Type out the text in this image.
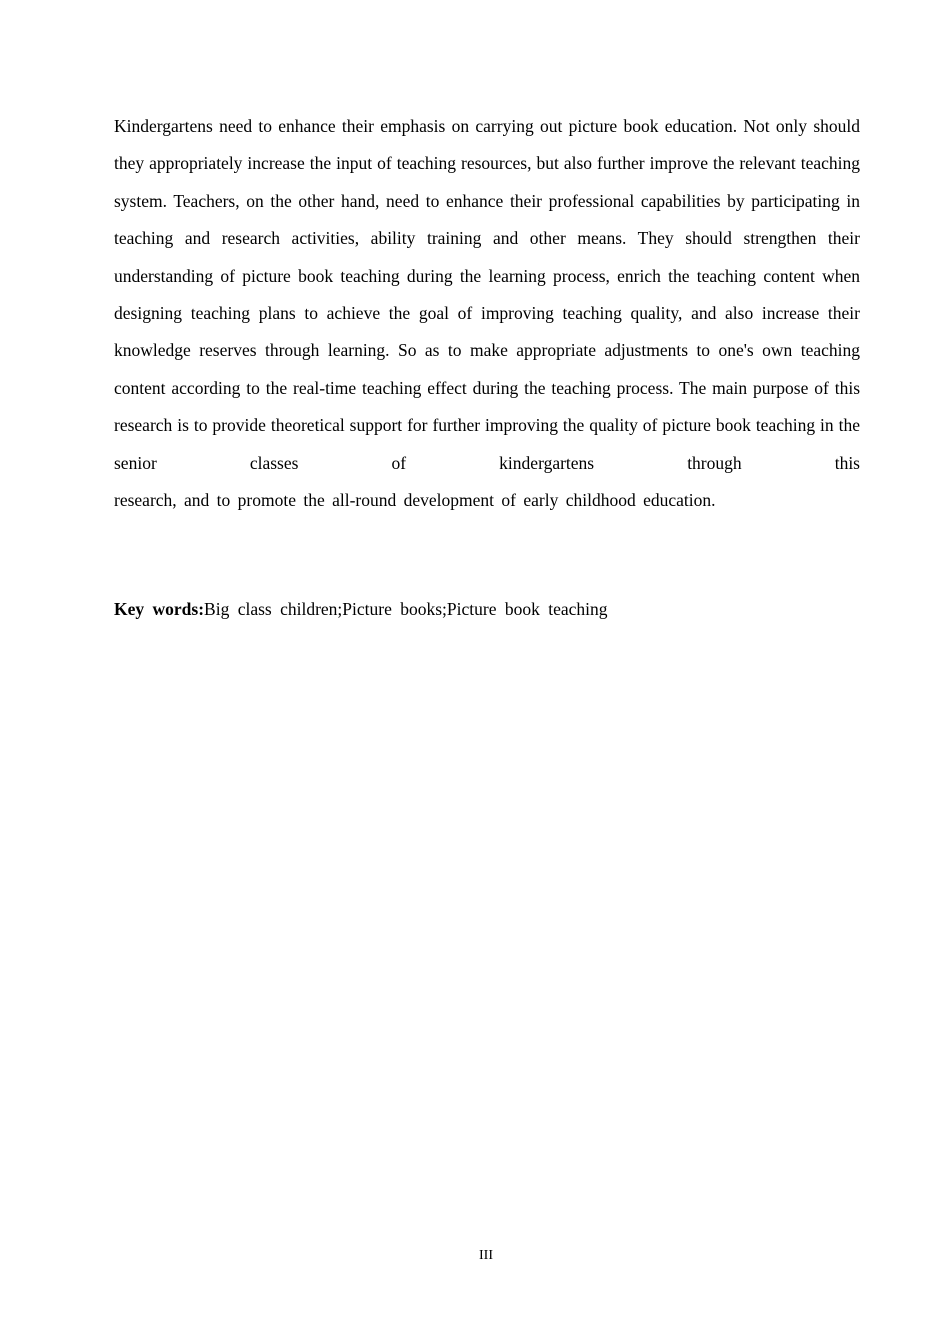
Kindergartens need to enhance their emphasis on carrying out picture book education. Not only should they appropriately increase the input of teaching resources, but also further improve the relevant teaching system. Teachers, on the other hand, need to enhance their professional capabilities by participating in teaching and research activities, ability training and other means. They should strengthen their understanding of picture book teaching during the learning process, enrich the teaching content when designing teaching plans to achieve the goal of improving teaching quality, and also increase their knowledge reserves through learning. So as to make appropriate adjustments to one's own teaching content according to the real-time teaching effect during the teaching process. The main purpose of this research is to provide theoretical support for further improving the quality of picture book teaching in the senior classes of kindergartens through this
research, and to promote the all-round development of early childhood education.

Key words:Big class children;Picture books;Picture book teaching

III
